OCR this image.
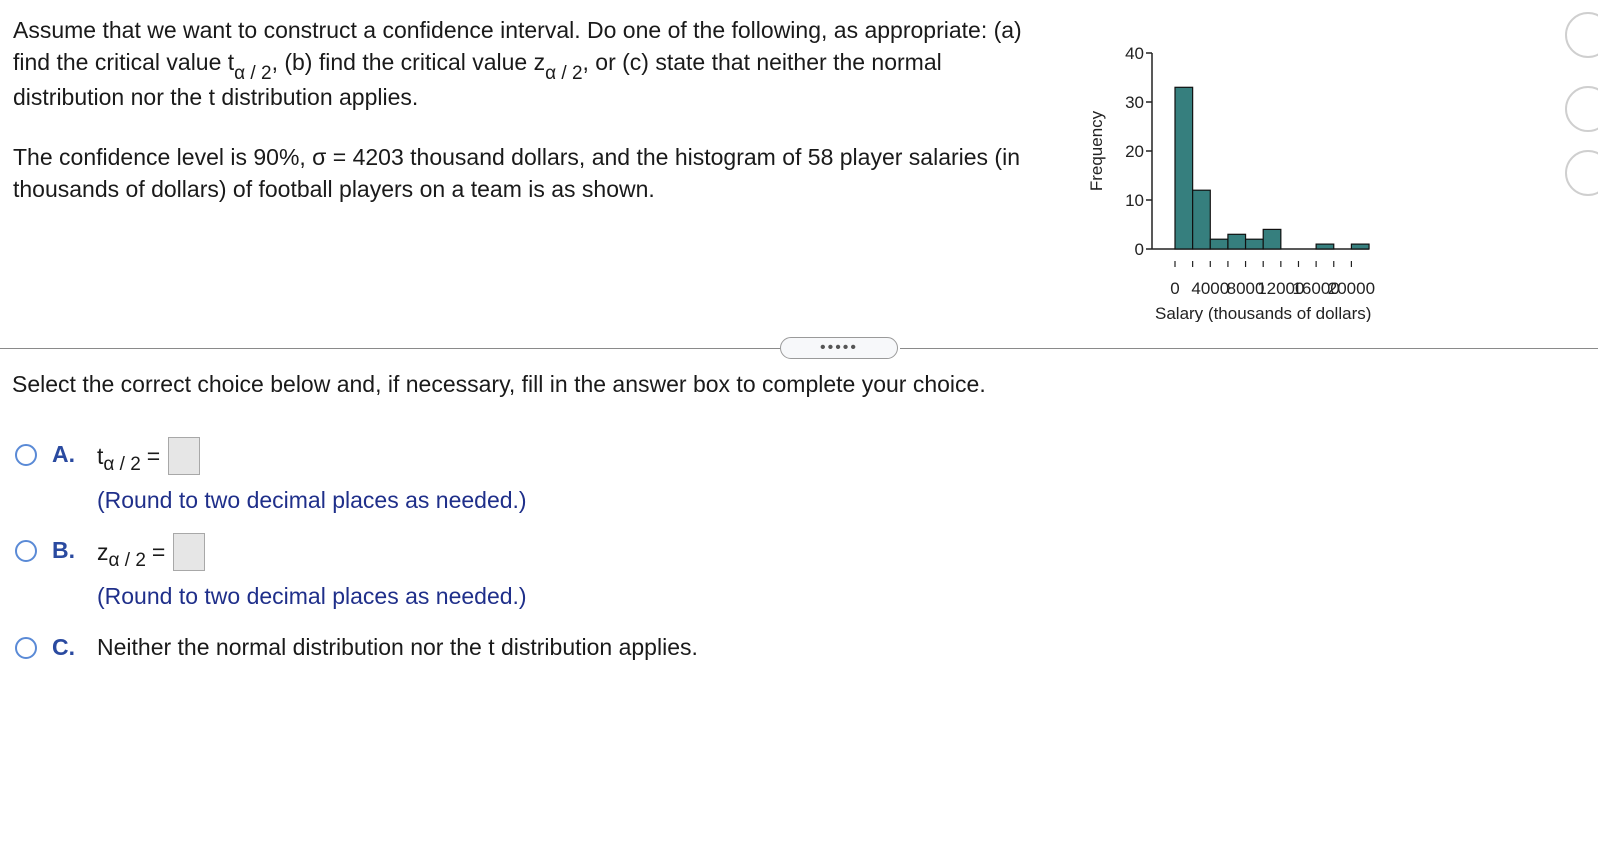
Assume that we want to construct a confidence interval. Do one of the following, as appropriate: (a) find the critical value $t_{\alpha / 2}$, (b) find the critical value $z_{\alpha / 2}$, or (c) state that neither the normal distribution nor the t distribution applies.

The confidence level is 90%, σ = 4203 thousand dollars, and the histogram of 58 player salaries (in thousands of dollars) of football players on a team is as shown.

0
10
20
30
40
Frequency
0 4000
8000
12000
16000
20000
Salary (thousands of dollars)
•••••
Select the correct choice below and, if necessary, fill in the answer box to complete your choice.
A. t α / 2 =
(Round to two decimal places as needed.)
B. z α / 2 =
(Round to two decimal places as needed.)
C. Neither the normal distribution nor the t distribution applies.
